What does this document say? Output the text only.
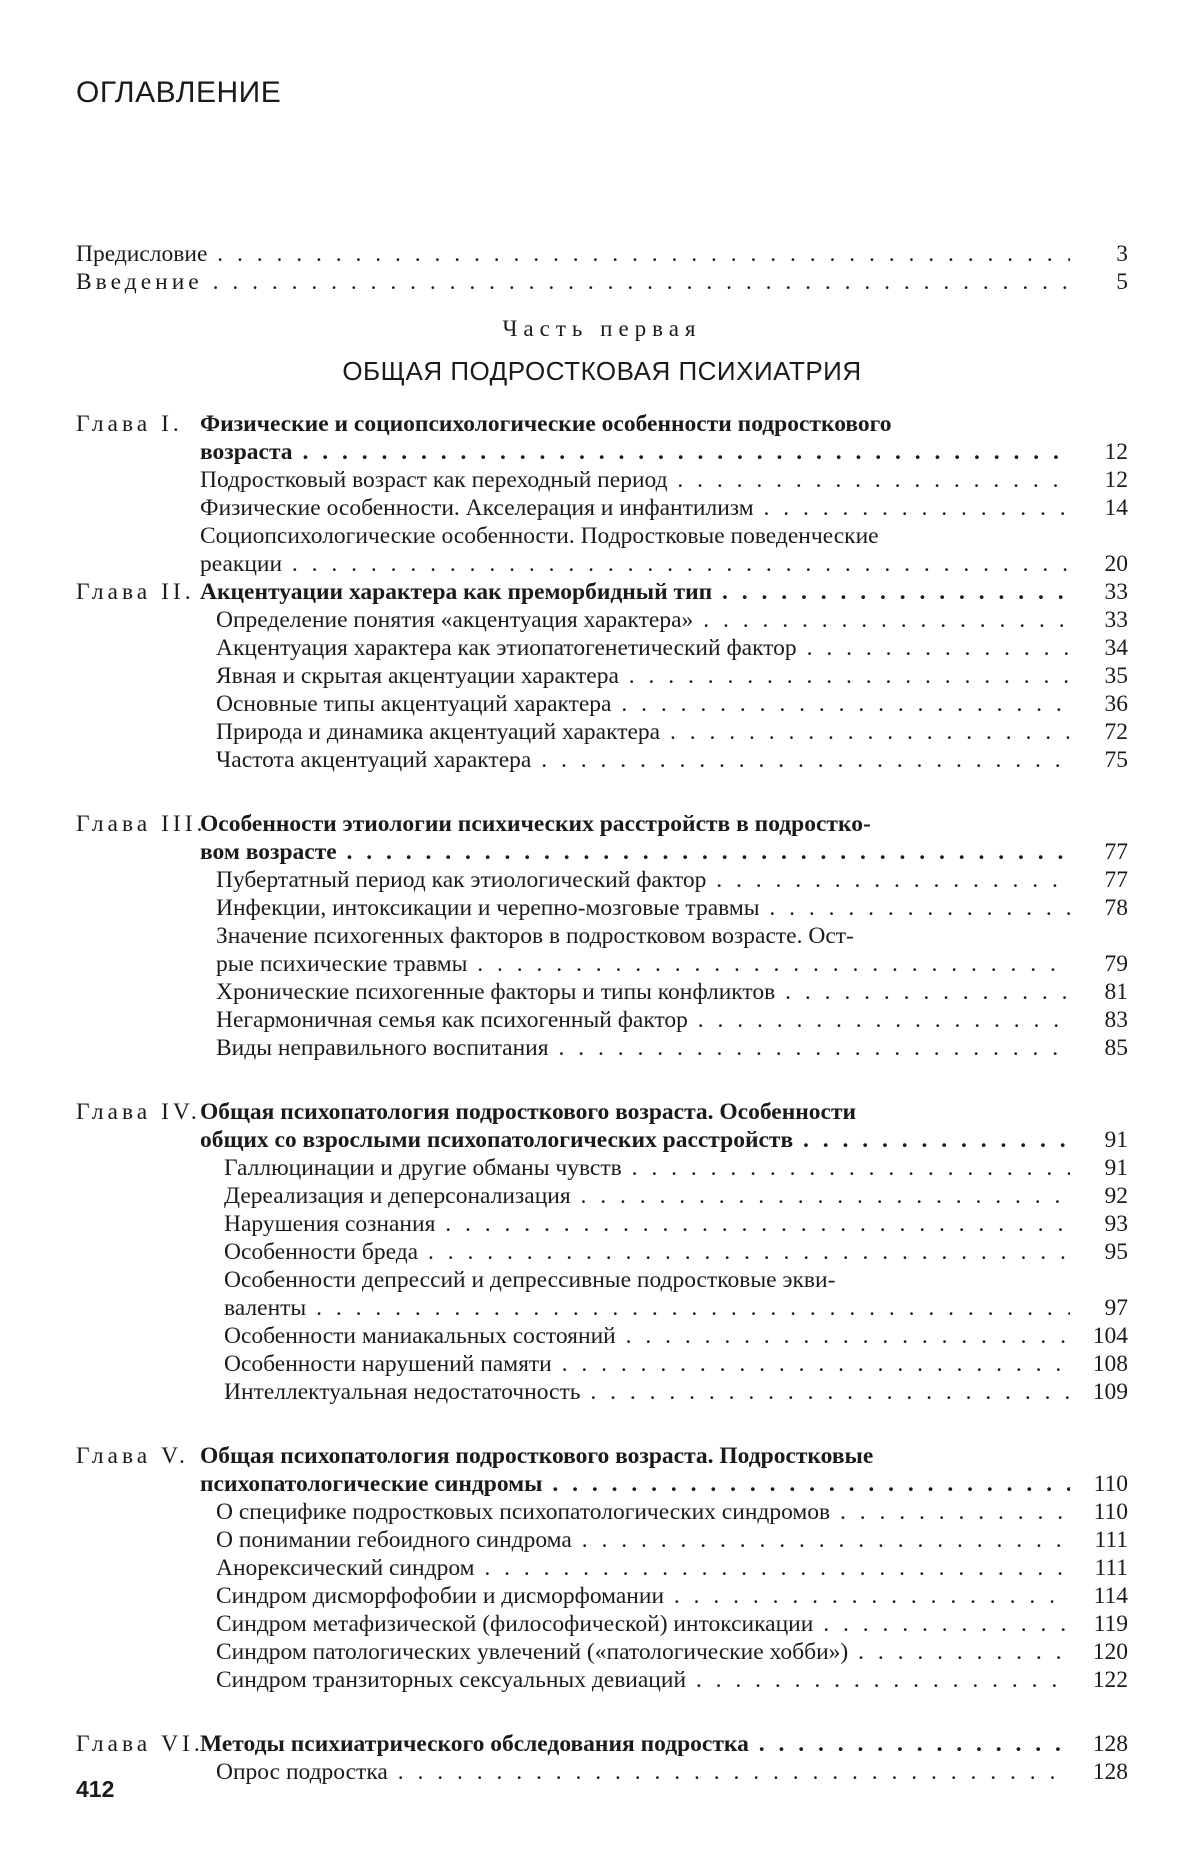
ОГЛАВЛЕНИЕ
Предисловие . . .	3
Введение . . .	5
Часть первая
ОБЩАЯ ПОДРОСТКОВАЯ ПСИХИАТРИЯ
Глава I. Физические и социопсихологические особенности подросткового
возраста . . .	12
Подростковый возраст как переходный период . . .	12
Физические особенности. Акселерация и инфантилизм . . .	14
Социопсихологические особенности. Подростковые поведенческие
реакции . . .	20
Глава II. Акцентуации характера как преморбидный тип . . .	33
Определение понятия «акцентуация характера» . . .	33
Акцентуация характера как этиопатогенетический фактор . . .	34
Явная и скрытая акцентуации характера . . .	35
Основные типы акцентуаций характера . . .	36
Природа и динамика акцентуаций характера . . .	72
Частота акцентуаций характера . . .	75
Глава III.
Особенности этиологии психических расстройств в подростко-
вом возрасте . . .	77
Пубертатный период как этиологический фактор . . .	77
Инфекции, интоксикации и черепно-мозговые травмы . . .	78
Значение психогенных факторов в подростковом возрасте. Ост-
рые психические травмы . . .	79
Хронические психогенные факторы и типы конфликтов . . .	81
Негармоничная семья как психогенный фактор . . .	83
Виды неправильного воспитания . . .	85
Глава IV. Общая психопатология подросткового возраста. Особенности
общих со взрослыми психопатологических расстройств . . .	91
Галлюцинации и другие обманы чувств . . .	91
Дереализация и деперсонализация . . .	92
Нарушения сознания . . .	93
Особенности бреда . . .	95
Особенности депрессий и депрессивные подростковые экви-
валенты . . .	97
Особенности маниакальных состояний . . .	104
Особенности нарушений памяти . . .	108
Интеллектуальная недостаточность . . .	109
Глава V. Общая психопатология подросткового возраста. Подростковые
психопатологические синдромы . . .	110
О специфике подростковых психопатологических синдромов . . .	110
О понимании гебоидного синдрома . . .	111
Анорексический синдром . . .	111
Синдром дисморфофобии и дисморфомании . . .	114
Синдром метафизической (философической) интоксикации . . .	119
Синдром патологических увлечений («патологические хобби») . . .	120
Синдром транзиторных сексуальных девиаций . . .	122
Глава VI.
Методы психиатрического обследования подростка . . .	128
Опрос подростка . . .	128
412
